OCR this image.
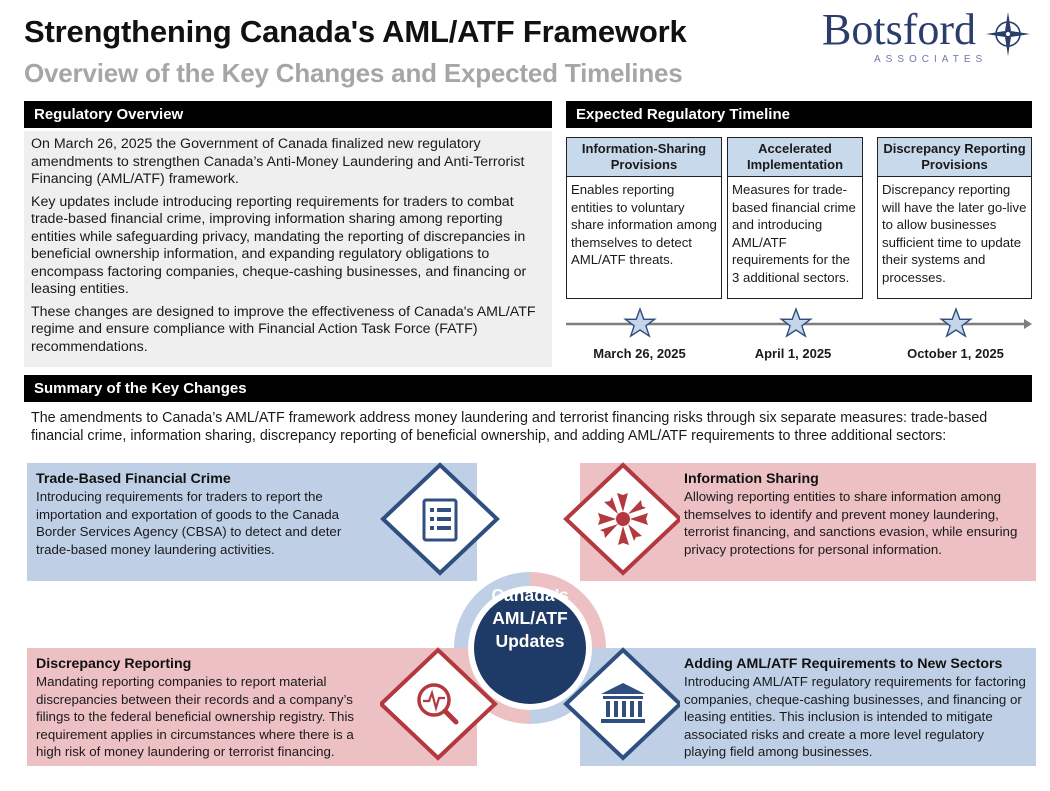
Strengthening Canada's AML/ATF Framework
Overview of the Key Changes and Expected Timelines
Botsford
ASSOCIATES
Regulatory Overview

On March 26, 2025 the Government of Canada finalized new regulatory amendments to strengthen Canada’s Anti-Money Laundering and Anti-Terrorist Financing (AML/ATF) framework.

Key updates include introducing reporting requirements for traders to combat trade-based financial crime, improving information sharing among reporting entities while safeguarding privacy, mandating the reporting of discrepancies in beneficial ownership information, and expanding regulatory obligations to encompass factoring companies, cheque-cashing businesses, and financing or leasing entities.

These changes are designed to improve the effectiveness of Canada's AML/ATF regime and ensure compliance with Financial Action Task Force (FATF) recommendations.

Expected Regulatory Timeline
Information-Sharing Provisions
Enables reporting entities to voluntary share information among themselves to detect AML/ATF threats.
Accelerated Implementation
Measures for trade-based financial crime and introducing AML/ATF requirements for the 3 additional sectors.
Discrepancy Reporting Provisions
Discrepancy reporting will have the later go-live to allow businesses sufficient time to update their systems and processes.
March 26, 2025	April 1, 2025	October 1, 2025
Summary of the Key Changes
The amendments to Canada’s AML/ATF framework address money laundering and terrorist financing risks through six separate measures: trade-based financial crime, information sharing, discrepancy reporting of beneficial ownership, and adding AML/ATF requirements to three additional sectors:
Trade-Based Financial Crime
Introducing requirements for traders to report the importation and exportation of goods to the Canada Border Services Agency (CBSA) to detect and deter trade-based money laundering activities.
Information Sharing
Allowing reporting entities to share information among themselves to identify and prevent money laundering, terrorist financing, and sanctions evasion, while ensuring privacy protections for personal information.
Discrepancy Reporting
Mandating reporting companies to report material discrepancies between their records and a company’s filings to the federal beneficial ownership registry. This requirement applies in circumstances where there is a high risk of money laundering or terrorist financing.
Adding AML/ATF Requirements to New Sectors
Introducing AML/ATF regulatory requirements for factoring companies, cheque-cashing businesses, and financing or leasing entities. This inclusion is intended to mitigate associated risks and create a more level regulatory playing field among businesses.
Canada’s
AML/ATF
Updates
